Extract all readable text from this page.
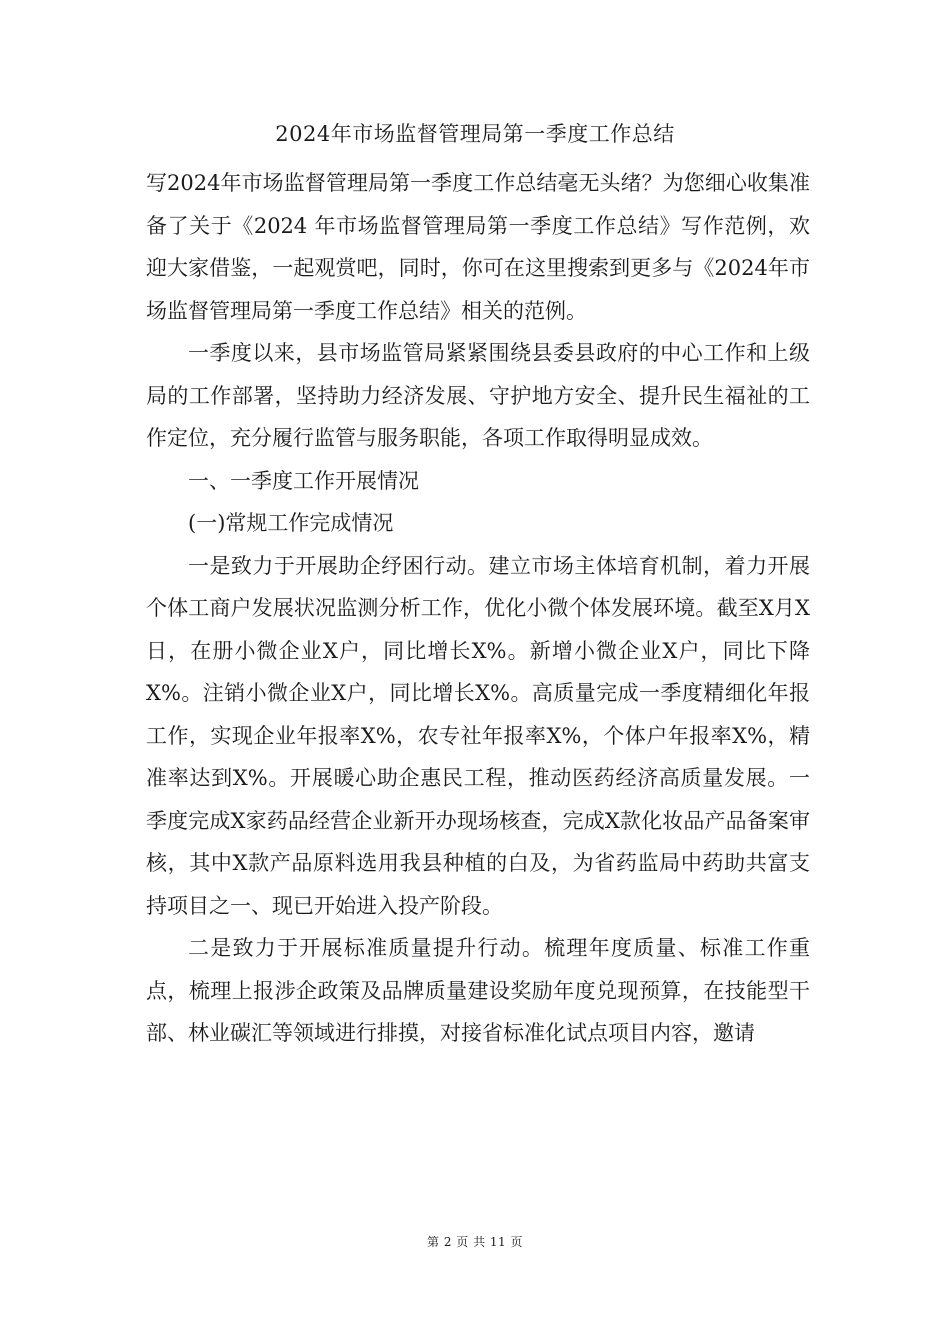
2024年市场监督管理局第一季度工作总结

写2024年市场监督管理局第一季度工作总结毫无头绪？为您细心收集准备了关于《2024 年市场监督管理局第一季度工作总结》写作范例，欢迎大家借鉴，一起观赏吧，同时，你可在这里搜索到更多与《2024年市场监督管理局第一季度工作总结》相关的范例。

一季度以来，县市场监管局紧紧围绕县委县政府的中心工作和上级局的工作部署，坚持助力经济发展、守护地方安全、提升民生福祉的工作定位，充分履行监管与服务职能，各项工作取得明显成效。

一、一季度工作开展情况

(一)常规工作完成情况

一是致力于开展助企纾困行动。建立市场主体培育机制，着力开展个体工商户发展状况监测分析工作，优化小微个体发展环境。截至X月X日，在册小微企业X户，同比增长X%。新增小微企业X户，同比下降 X%。注销小微企业X户，同比增长X%。高质量完成一季度精细化年报工作，实现企业年报率X%，农专社年报率X%，个体户年报率X%，精准率达到X%。开展暖心助企惠民工程，推动医药经济高质量发展。一季度完成X家药品经营企业新开办现场核查，完成X款化妆品产品备案审核，其中X款产品原料选用我县种植的白及，为省药监局中药助共富支持项目之一、现已开始进入投产阶段。

二是致力于开展标准质量提升行动。梳理年度质量、标准工作重点，梳理上报涉企政策及品牌质量建设奖励年度兑现预算，在技能型干部、林业碳汇等领域进行排摸，对接省标准化试点项目内容，邀请

第 2 页 共 11 页
